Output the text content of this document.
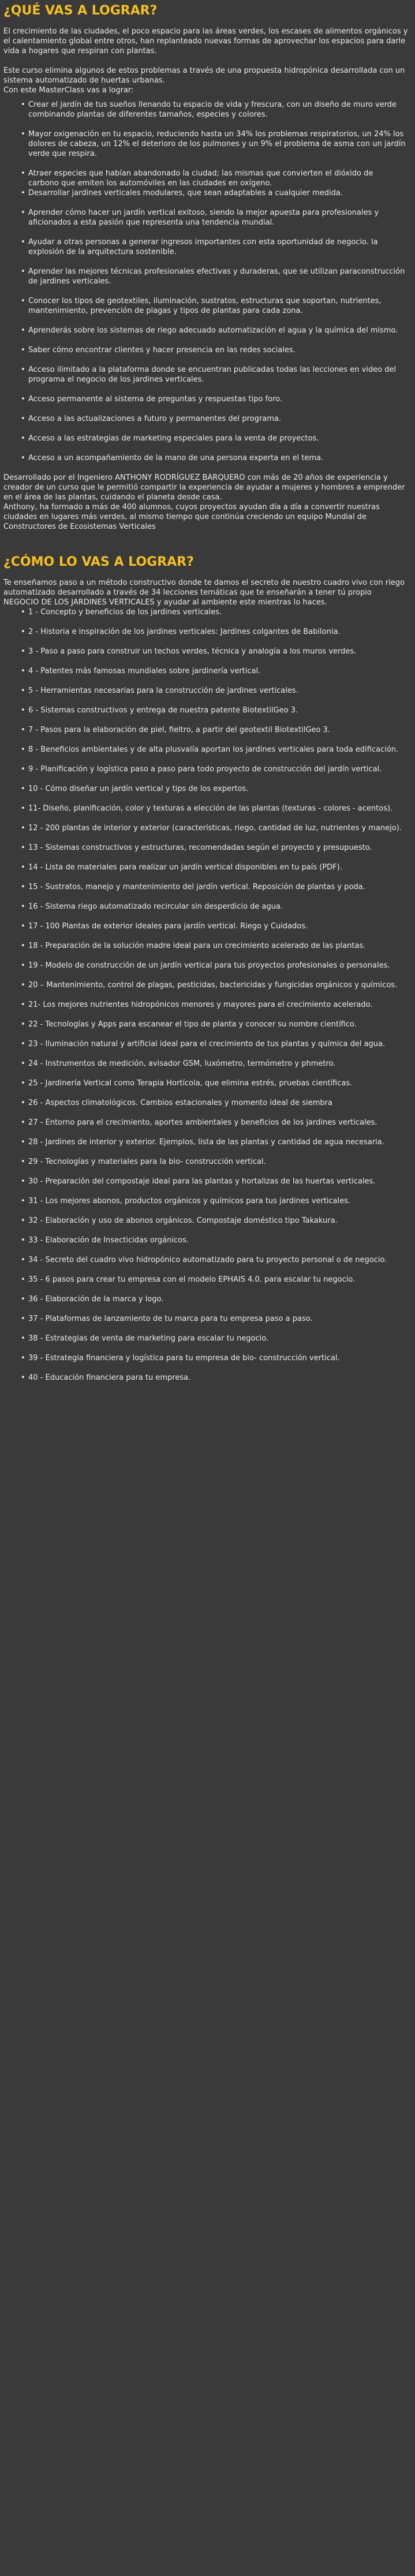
¿QUÉ VAS A LOGRAR?

El crecimiento de las ciudades, el poco espacio para las áreas verdes, los escases de alimentos orgánicos y el calentamiento global entre otros, han replanteado nuevas formas de aprovechar los espacios para darle vida a hogares que respiran con plantas.

Este curso elimina algunos de estos problemas a través de una propuesta hidropónica desarrollada con un sistema automatizado de huertas urbanas.
Con este MasterClass vas a lograr:

• Crear el jardín de tus sueños llenando tu espacio de vida y frescura, con un diseño de muro verde combinando plantas de diferentes tamaños, especies y colores.
• Mayor oxigenación en tu espacio, reduciendo hasta un 34% los problemas respiratorios, un 24% los dolores de cabeza, un 12% el deterioro de los pulmones y un 9% el problema de asma con un jardín verde que respira.
• Atraer especies que habían abandonado la ciudad; las mismas que convierten el dióxido de carbono que emiten los automóviles en las ciudades en oxígeno.
• Desarrollar jardines verticales modulares, que sean adaptables a cualquier medida.
• Aprender cómo hacer un jardín vertical exitoso, siendo la mejor apuesta para profesionales y aficionados a esta pasión que representa una tendencia mundial.
• Ayudar a otras personas a generar ingresos importantes con esta oportunidad de negocio. la explosión de la arquitectura sostenible.
• Aprender las mejores técnicas profesionales efectivas y duraderas, que se utilizan paraconstrucción de jardines verticales.
• Conocer los tipos de geotextiles, iluminación, sustratos, estructuras que soportan, nutrientes, mantenimiento, prevención de plagas y tipos de plantas para cada zona.
• Aprenderás sobre los sistemas de riego adecuado automatización el agua y la química del mismo.
• Saber cómo encontrar clientes y hacer presencia en las redes sociales.
• Acceso ilimitado a la plataforma donde se encuentran publicadas todas las lecciones en video del programa el negocio de los jardines verticales.
• Acceso permanente al sistema de preguntas y respuestas tipo foro.
• Acceso a las actualizaciones a futuro y permanentes del programa.
• Acceso a las estrategias de marketing especiales para la venta de proyectos.
• Acceso a un acompañamiento de la mano de una persona experta en el tema.

Desarrollado por el Ingeniero ANTHONY RODRÍGUEZ BARQUERO con más de 20 años de experiencia y creador de un curso que le permitió compartir la experiencia de ayudar a mujeres y hombres a emprender en el área de las plantas, cuidando el planeta desde casa.
Anthony, ha formado a más de 400 alumnos, cuyos proyectos ayudan día a día a convertir nuestras ciudades en lugares más verdes, al mismo tiempo que continúa creciendo un equipo Mundial de Constructores de Ecosistemas Verticales

¿CÓMO LO VAS A LOGRAR?

Te enseñamos paso a un método constructivo donde te damos el secreto de nuestro cuadro vivo con riego automatizado desarrollado a través de 34 lecciones temáticas que te enseñarán a tener tú propio NEGOCIO DE LOS JARDINES VERTICALES y ayudar al ambiente este mientras lo haces.

• 1 - Concepto y beneficios de los jardines verticales.
• 2 - Historia e inspiración de los jardines verticales: Jardines colgantes de Babilonia.
• 3 - Paso a paso para construir un techos verdes, técnica y analogía a los muros verdes.
• 4 - Patentes más famosas mundiales sobre jardinería vertical.
• 5 - Herramientas necesarias para la construcción de jardines verticales.
• 6 - Sistemas constructivos y entrega de nuestra patente BiotextilGeo 3.
• 7 - Pasos para la elaboración de piel, fieltro, a partir del geotextil BiotextilGeo 3.
• 8 - Beneficios ambientales y de alta plusvalía aportan los jardines verticales para toda edificación.
• 9 - Planificación y logística paso a paso para todo proyecto de construcción del jardín vertical.
• 10 - Cómo diseñar un jardín vertical y tips de los expertos.
• 11- Diseño, planificación, color y texturas a elección de las plantas (texturas - colores - acentos).
• 12 - 200 plantas de interior y exterior (características, riego, cantidad de luz, nutrientes y manejo).
• 13 - Sistemas constructivos y estructuras, recomendadas según el proyecto y presupuesto.
• 14 - Lista de materiales para realizar un jardín vertical disponibles en tu país (PDF).
• 15 - Sustratos, manejo y mantenimiento del jardín vertical. Reposición de plantas y poda.
• 16 - Sistema riego automatizado recircular sin desperdicio de agua.
• 17 - 100 Plantas de exterior ideales para jardín vertical. Riego y Cuidados.
• 18 - Preparación de la solución madre ideal para un crecimiento acelerado de las plantas.
• 19 - Modelo de construcción de un jardín vertical para tus proyectos profesionales o personales.
• 20 – Mantenimiento, control de plagas, pesticidas, bactericidas y fungicidas orgánicos y químicos.
• 21- Los mejores nutrientes hidropónicos menores y mayores para el crecimiento acelerado.
• 22 - Tecnologías y Apps para escanear el tipo de planta y conocer su nombre científico.
• 23 - Iluminación natural y artificial ideal para el crecimiento de tus plantas y química del agua.
• 24 - Instrumentos de medición, avisador GSM, luxómetro, termómetro y phmetro.
• 25 - Jardinería Vertical como Terapia Hortícola, que elimina estrés, pruebas científicas.
• 26 - Aspectos climatológicos. Cambios estacionales y momento ideal de siembra
• 27 - Entorno para el crecimiento, aportes ambientales y beneficios de los jardines verticales.
• 28 - Jardines de interior y exterior. Ejemplos, lista de las plantas y cantidad de agua necesaria.
• 29 - Tecnologías y materiales para la bio- construcción vertical.
• 30 - Preparación del compostaje ideal para las plantas y hortalizas de las huertas verticales.
• 31 - Los mejores abonos, productos orgánicos y químicos para tus jardines verticales.
• 32 - Elaboración y uso de abonos orgánicos. Compostaje doméstico tipo Takakura.
• 33 - Elaboración de Insecticidas orgánicos.
• 34 - Secreto del cuadro vivo hidropónico automatizado para tu proyecto personal o de negocio.
• 35 - 6 pasos para crear tu empresa con el modelo EPHAIS 4.0. para escalar tu negocio.
• 36 - Elaboración de la marca y logo.
• 37 - Plataformas de lanzamiento de tu marca para tu empresa paso a paso.
• 38 - Estrategias de venta de marketing para escalar tu negocio.
• 39 - Estrategia financiera y logística para tu empresa de bio- construcción vertical.
• 40 - Educación financiera para tu empresa.
